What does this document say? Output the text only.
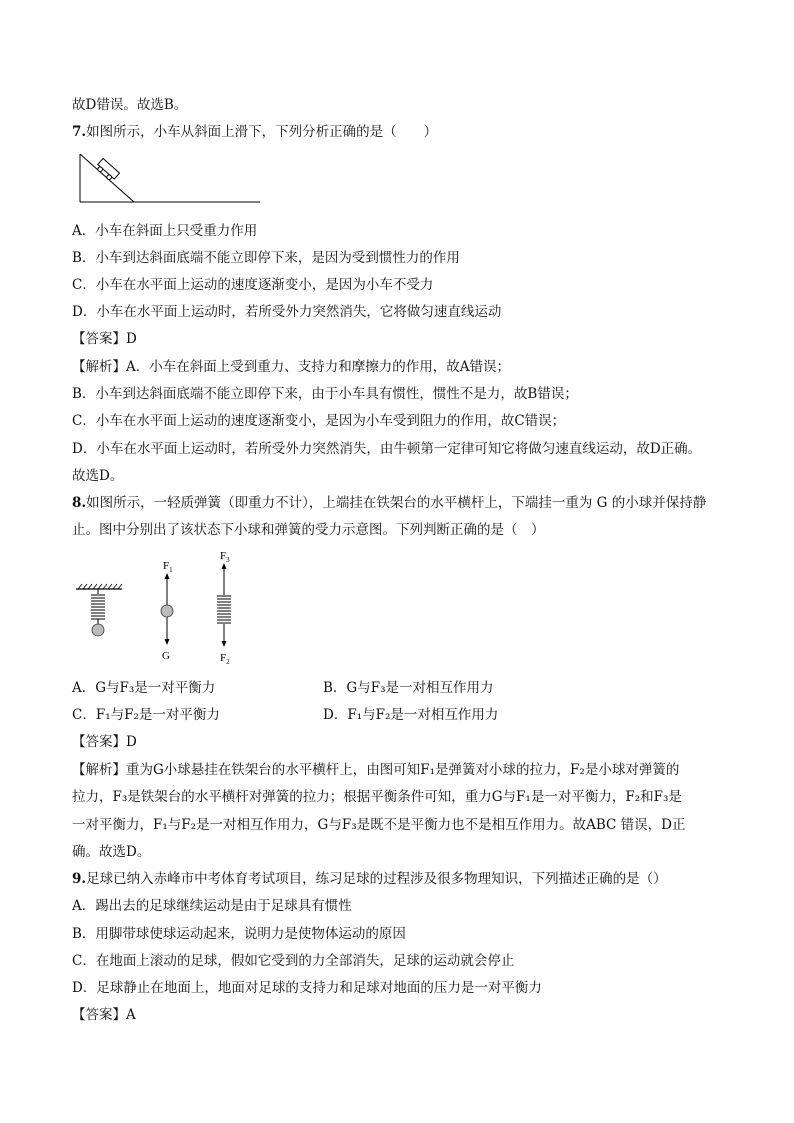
故D错误。故选B。
7.如图所示，小车从斜面上滑下，下列分析正确的是（　　）
A．小车在斜面上只受重力作用
B．小车到达斜面底端不能立即停下来，是因为受到惯性力的作用
C．小车在水平面上运动的速度逐渐变小，是因为小车不受力
D．小车在水平面上运动时，若所受外力突然消失，它将做匀速直线运动
【答案】D
【解析】A．小车在斜面上受到重力、支持力和摩擦力的作用，故A错误；
B．小车到达斜面底端不能立即停下来，由于小车具有惯性，惯性不是力，故B错误；
C．小车在水平面上运动的速度逐渐变小，是因为小车受到阻力的作用，故C错误；
D．小车在水平面上运动时，若所受外力突然消失，由牛顿第一定律可知它将做匀速直线运动，故D正确。
故选D。
8.如图所示，一轻质弹簧（即重力不计），上端挂在铁架台的水平横杆上，下端挂一重为 G 的小球并保持静
止。图中分别出了该状态下小球和弹簧的受力示意图。下列判断正确的是（　）
$F_1$
G
$F_3$
$F_2$
A．G与F₃是一对平衡力	B．G与F₃是一对相互作用力
C．F₁与F₂是一对平衡力	D．F₁与F₂是一对相互作用力
【答案】D
【解析】重为G小球悬挂在铁架台的水平横杆上，由图可知F₁是弹簧对小球的拉力，F₂是小球对弹簧的
拉力，F₃是铁架台的水平横杆对弹簧的拉力；根据平衡条件可知，重力G与F₁是一对平衡力，F₂和F₃是
一对平衡力，F₁与F₂是一对相互作用力，G与F₃是既不是平衡力也不是相互作用力。故ABC 错误，D正
确。故选D。
9.足球已纳入赤峰市中考体育考试项目，练习足球的过程涉及很多物理知识，下列描述正确的是（）
A．踢出去的足球继续运动是由于足球具有惯性
B．用脚带球使球运动起来，说明力是使物体运动的原因
C．在地面上滚动的足球，假如它受到的力全部消失，足球的运动就会停止
D．足球静止在地面上，地面对足球的支持力和足球对地面的压力是一对平衡力
【答案】A
